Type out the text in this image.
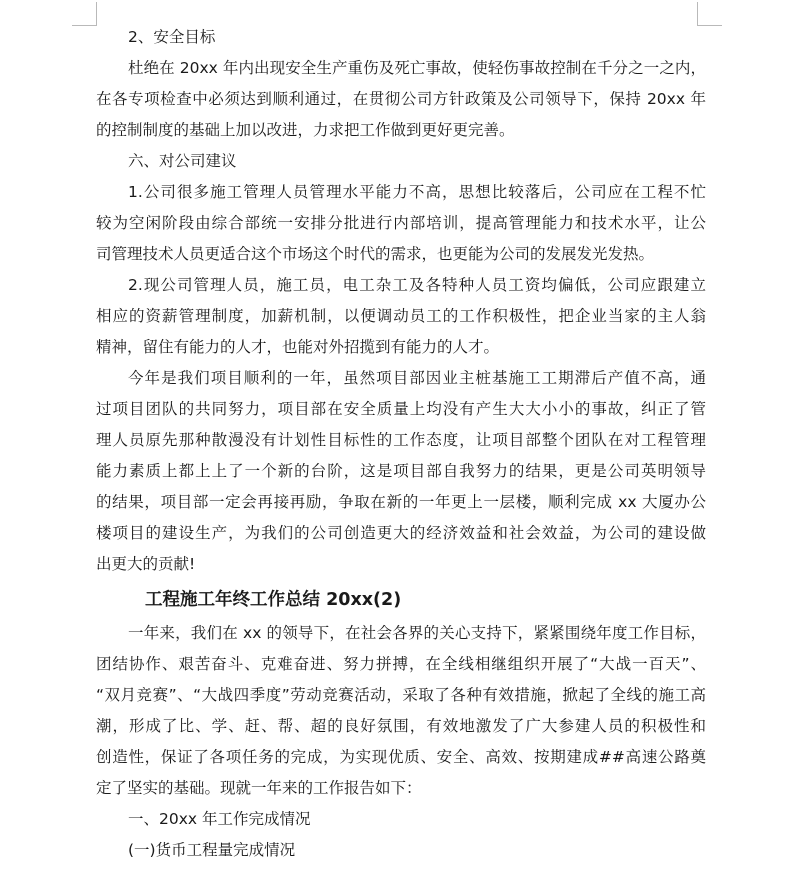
2、安全目标
杜绝在 20xx 年内出现安全生产重伤及死亡事故，使轻伤事故控制在千分之一之内，
在各专项检查中必须达到顺利通过，在贯彻公司方针政策及公司领导下，保持 20xx 年
的控制制度的基础上加以改进，力求把工作做到更好更完善。
六、对公司建议
1.公司很多施工管理人员管理水平能力不高，思想比较落后，公司应在工程不忙
较为空闲阶段由综合部统一安排分批进行内部培训，提高管理能力和技术水平，让公
司管理技术人员更适合这个市场这个时代的需求，也更能为公司的发展发光发热。
2.现公司管理人员，施工员，电工杂工及各特种人员工资均偏低，公司应跟建立
相应的资薪管理制度，加薪机制，以便调动员工的工作积极性，把企业当家的主人翁
精神，留住有能力的人才，也能对外招揽到有能力的人才。
今年是我们项目顺利的一年，虽然项目部因业主桩基施工工期滞后产值不高，通
过项目团队的共同努力，项目部在安全质量上均没有产生大大小小的事故，纠正了管
理人员原先那种散漫没有计划性目标性的工作态度，让项目部整个团队在对工程管理
能力素质上都上上了一个新的台阶，这是项目部自我努力的结果，更是公司英明领导
的结果，项目部一定会再接再励，争取在新的一年更上一层楼，顺利完成 xx 大厦办公
楼项目的建设生产，为我们的公司创造更大的经济效益和社会效益，为公司的建设做
出更大的贡献!
工程施工年终工作总结 20xx(2)
一年来，我们在 xx 的领导下，在社会各界的关心支持下，紧紧围绕年度工作目标，
团结协作、艰苦奋斗、克难奋进、努力拼搏，在全线相继组织开展了“大战一百天”、
“双月竞赛”、“大战四季度”劳动竞赛活动，采取了各种有效措施，掀起了全线的施工高
潮，形成了比、学、赶、帮、超的良好氛围，有效地激发了广大参建人员的积极性和
创造性，保证了各项任务的完成，为实现优质、安全、高效、按期建成##高速公路奠
定了坚实的基础。现就一年来的工作报告如下：
一、20xx 年工作完成情况
(一)货币工程量完成情况
